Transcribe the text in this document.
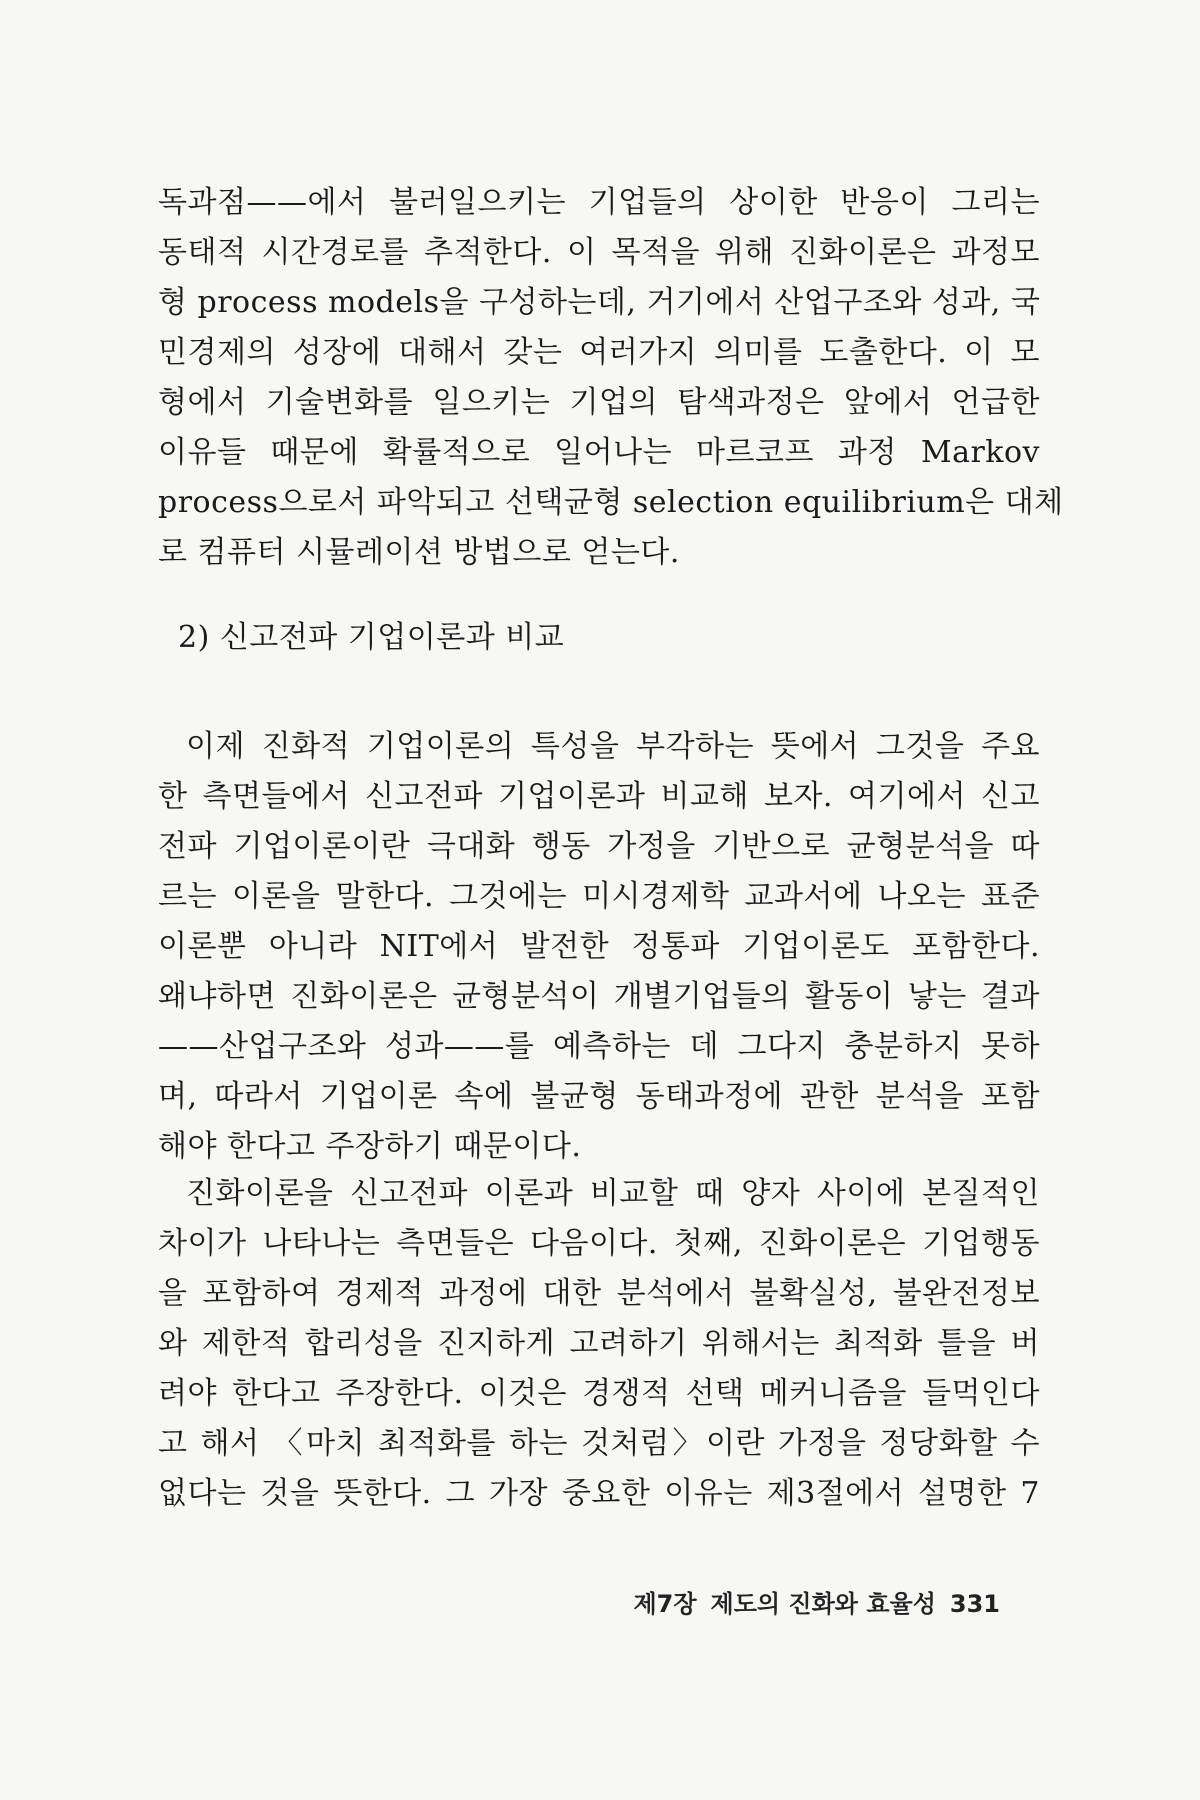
독과점——에서 불러일으키는 기업들의 상이한 반응이 그리는
동태적 시간경로를 추적한다. 이 목적을 위해 진화이론은 과정모
형 process models을 구성하는데, 거기에서 산업구조와 성과, 국
민경제의 성장에 대해서 갖는 여러가지 의미를 도출한다. 이 모
형에서 기술변화를 일으키는 기업의 탐색과정은 앞에서 언급한
이유들 때문에 확률적으로 일어나는 마르코프 과정 Markov
process으로서 파악되고 선택균형 selection equilibrium은 대체
로 컴퓨터 시뮬레이션 방법으로 얻는다.
2) 신고전파 기업이론과 비교
이제 진화적 기업이론의 특성을 부각하는 뜻에서 그것을 주요
한 측면들에서 신고전파 기업이론과 비교해 보자. 여기에서 신고
전파 기업이론이란 극대화 행동 가정을 기반으로 균형분석을 따
르는 이론을 말한다. 그것에는 미시경제학 교과서에 나오는 표준
이론뿐 아니라 NIT에서 발전한 정통파 기업이론도 포함한다.
왜냐하면 진화이론은 균형분석이 개별기업들의 활동이 낳는 결과
——산업구조와 성과——를 예측하는 데 그다지 충분하지 못하
며, 따라서 기업이론 속에 불균형 동태과정에 관한 분석을 포함
해야 한다고 주장하기 때문이다.
진화이론을 신고전파 이론과 비교할 때 양자 사이에 본질적인
차이가 나타나는 측면들은 다음이다. 첫째, 진화이론은 기업행동
을 포함하여 경제적 과정에 대한 분석에서 불확실성, 불완전정보
와 제한적 합리성을 진지하게 고려하기 위해서는 최적화 틀을 버
려야 한다고 주장한다. 이것은 경쟁적 선택 메커니즘을 들먹인다
고 해서 〈마치 최적화를 하는 것처럼〉이란 가정을 정당화할 수
없다는 것을 뜻한다. 그 가장 중요한 이유는 제3절에서 설명한 7
제7장 제도의 진화와 효율성 331
